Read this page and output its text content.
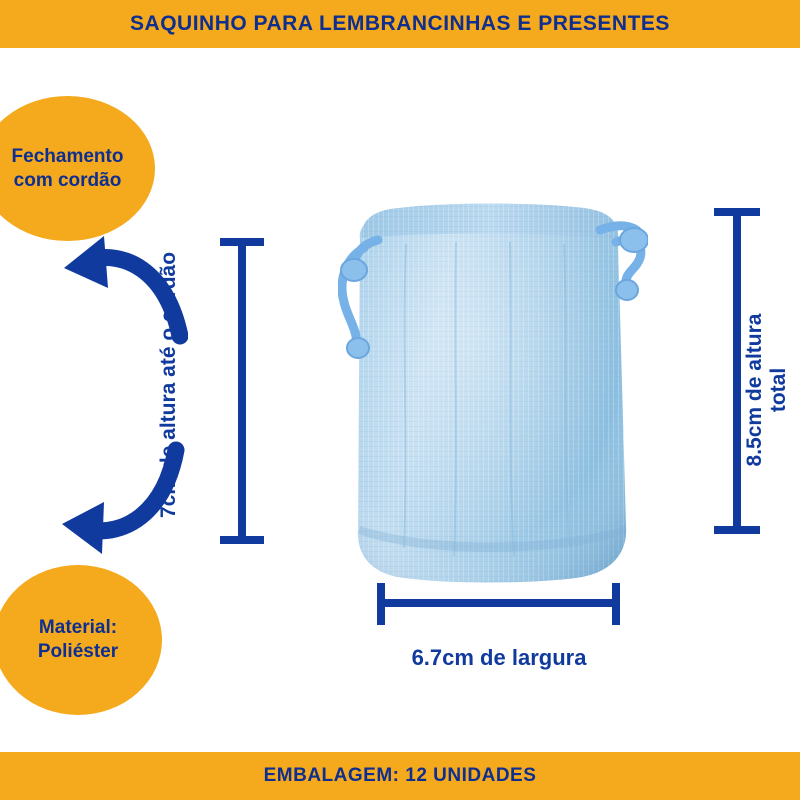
SAQUINHO PARA LEMBRANCINHAS E PRESENTES
Fechamento
com cordão
Material:
Poliéster
7cm de altura até o cordão	8.5cm de altura total
6.7cm de largura
EMBALAGEM: 12 UNIDADES
